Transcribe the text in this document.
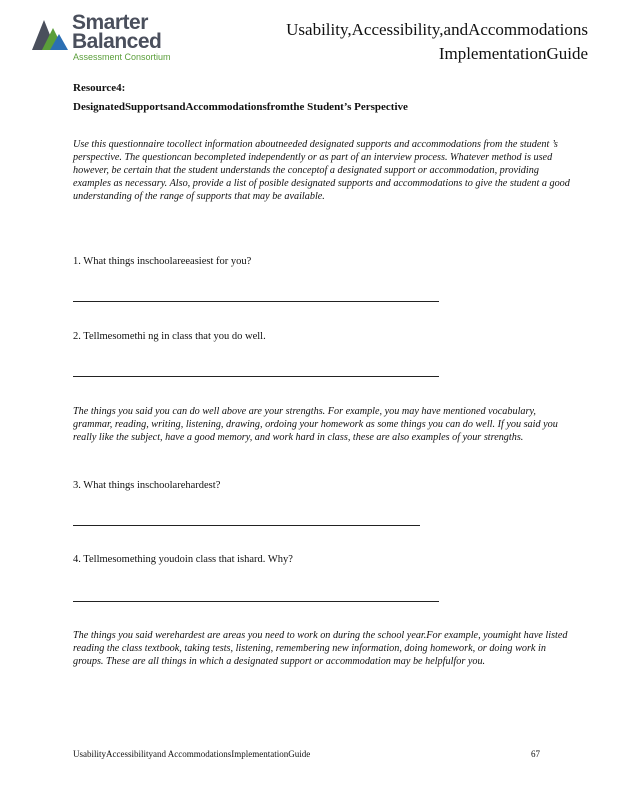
Smarter
Balanced
Assessment Consortium
Usability,Accessibility,andAccommodations
ImplementationGuide
Resource4:
DesignatedSupportsandAccommodationsfromthe Student’s Perspective

Use this questionnaire tocollect information aboutneeded designated supports and accommodations from the student ’s perspective. The questioncan becompleted independently or as part of an interview process. Whatever method is used however, be certain that the student understands the conceptof a designated support or accommodation, providing examples as necessary. Also, provide a list of posible designated supports and accommodations to give the student a good understanding of the range of supports that may be available.

1. What things inschoolareeasiest for you?
2. Tellmesomethi ng in class that you do well.

The things you said you can do well above are your strengths. For example, you may have mentioned vocabulary, grammar, reading, writing, listening, drawing, ordoing your homework as some things you can do well. If you said you really like the subject, have a good memory, and work hard in class, these are also examples of your strengths.

3. What things inschoolarehardest?
4. Tellmesomething youdoin class that ishard. Why?

The things you said werehardest are areas you need to work on during the school year.For example, youmight have listed reading the class textbook, taking tests, listening, remembering new information, doing homework, or doing work in groups. These are all things in which a designated support or accommodation may be helpfulfor you.

UsabilityAccessibilityand AccommodationsImplementationGuide	67
